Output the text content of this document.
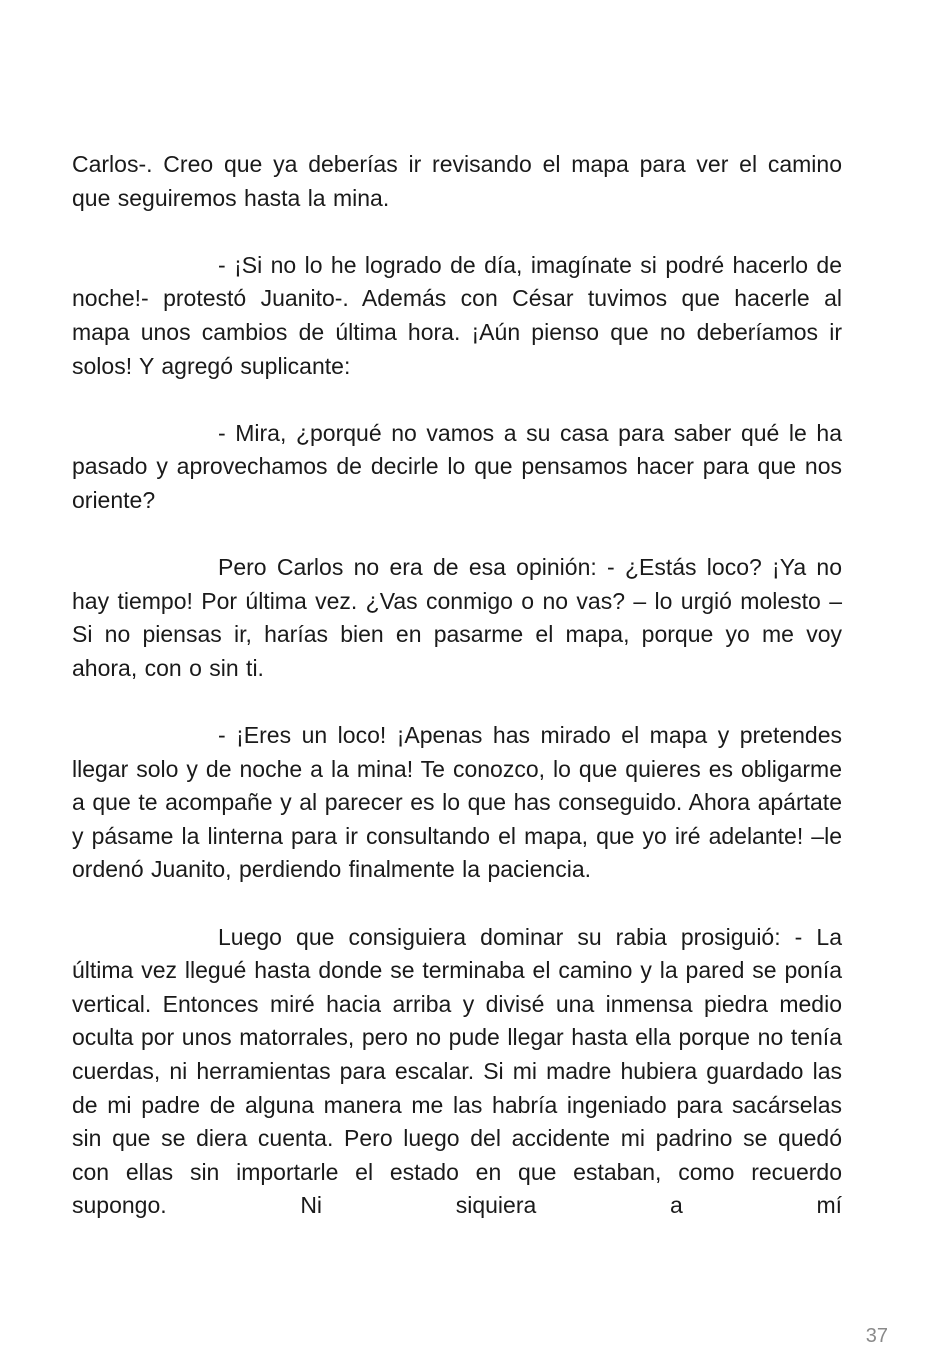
Carlos-. Creo que ya deberías ir revisando el mapa para ver el camino que seguiremos hasta la mina.

- ¡Si no lo he logrado de día, imagínate si podré hacerlo de noche!- protestó Juanito-. Además con César tuvimos que hacerle al mapa unos cambios de última hora. ¡Aún pienso que no deberíamos ir solos! Y agregó suplicante:

- Mira, ¿porqué no vamos a su casa para saber qué le ha pasado y aprovechamos de decirle lo que pensamos hacer para que nos oriente?

Pero Carlos no era de esa opinión: - ¿Estás loco? ¡Ya no hay tiempo! Por última vez. ¿Vas conmigo o no vas? – lo urgió molesto – Si no piensas ir, harías bien en pasarme el mapa, porque yo me voy ahora, con o sin ti.

- ¡Eres un loco! ¡Apenas has mirado el mapa y pretendes llegar solo y de noche a la mina! Te conozco, lo que quieres es obligarme a que te acompañe y al parecer es lo que has conseguido. Ahora apártate y pásame la linterna para ir consultando el mapa, que yo iré adelante! –le ordenó Juanito, perdiendo finalmente la paciencia.

Luego que consiguiera dominar su rabia prosiguió: - La última vez llegué hasta donde se terminaba el camino y la pared se ponía vertical. Entonces miré hacia arriba y divisé una inmensa piedra medio oculta por unos matorrales, pero no pude llegar hasta ella porque no tenía cuerdas, ni herramientas para escalar. Si mi madre hubiera guardado las de mi padre de alguna manera me las habría ingeniado para sacárselas sin que se diera cuenta. Pero luego del accidente mi padrino se quedó con ellas sin importarle el estado en que estaban, como recuerdo supongo. Ni siquiera a mí

37
